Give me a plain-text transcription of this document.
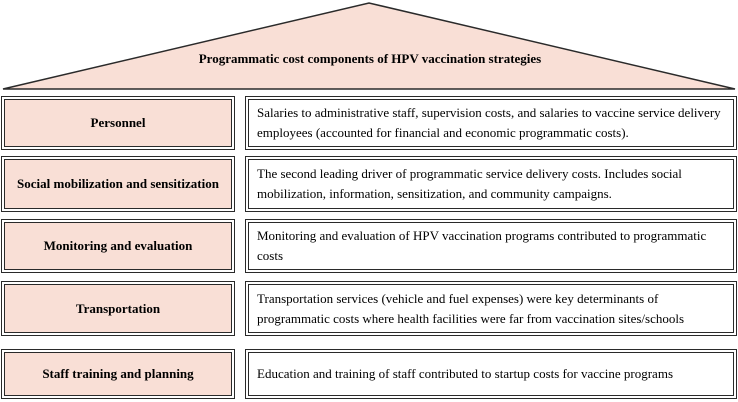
Programmatic cost components of HPV vaccination strategies
Personnel
Salaries to administrative staff, supervision costs, and salaries to vaccine service delivery employees (accounted for financial and economic programmatic costs).
Social mobilization and sensitization
The second leading driver of programmatic service delivery costs. Includes social mobilization, information, sensitization, and community campaigns.
Monitoring and evaluation
Monitoring and evaluation of HPV vaccination programs contributed to programmatic costs
Transportation
Transportation services (vehicle and fuel expenses) were key determinants of programmatic costs where health facilities were far from vaccination sites/schools
Staff training and planning	Education and training of staff contributed to startup costs for vaccine programs
